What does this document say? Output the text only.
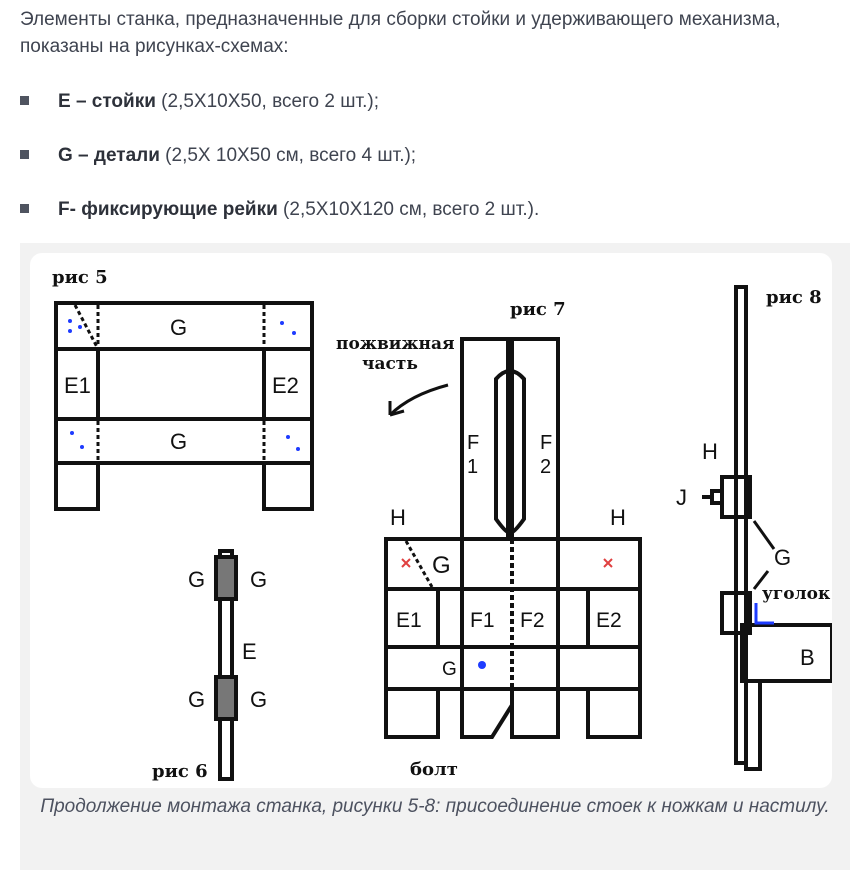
Элементы станка, предназначенные для сборки стойки и удерживающего механизма, показаны на рисунках-схемах:

E – стойки (2,5X10X50, всего 2 шт.);
G – детали (2,5X 10X50 см, всего 4 шт.);
F- фиксирующие рейки (2,5X10X120 см, всего 2 шт.).
рис 5
G
G
E1	E2
рис 6
G G
E
G G
рис 7
пожвижная
часть
F
1
F
2
H	H
G
E1 F1 F2 E2
G
болт
рис 8
H
J
G
уголок
B
Продолжение монтажа станка, рисунки 5-8: присоединение стоек к ножкам и настилу.
